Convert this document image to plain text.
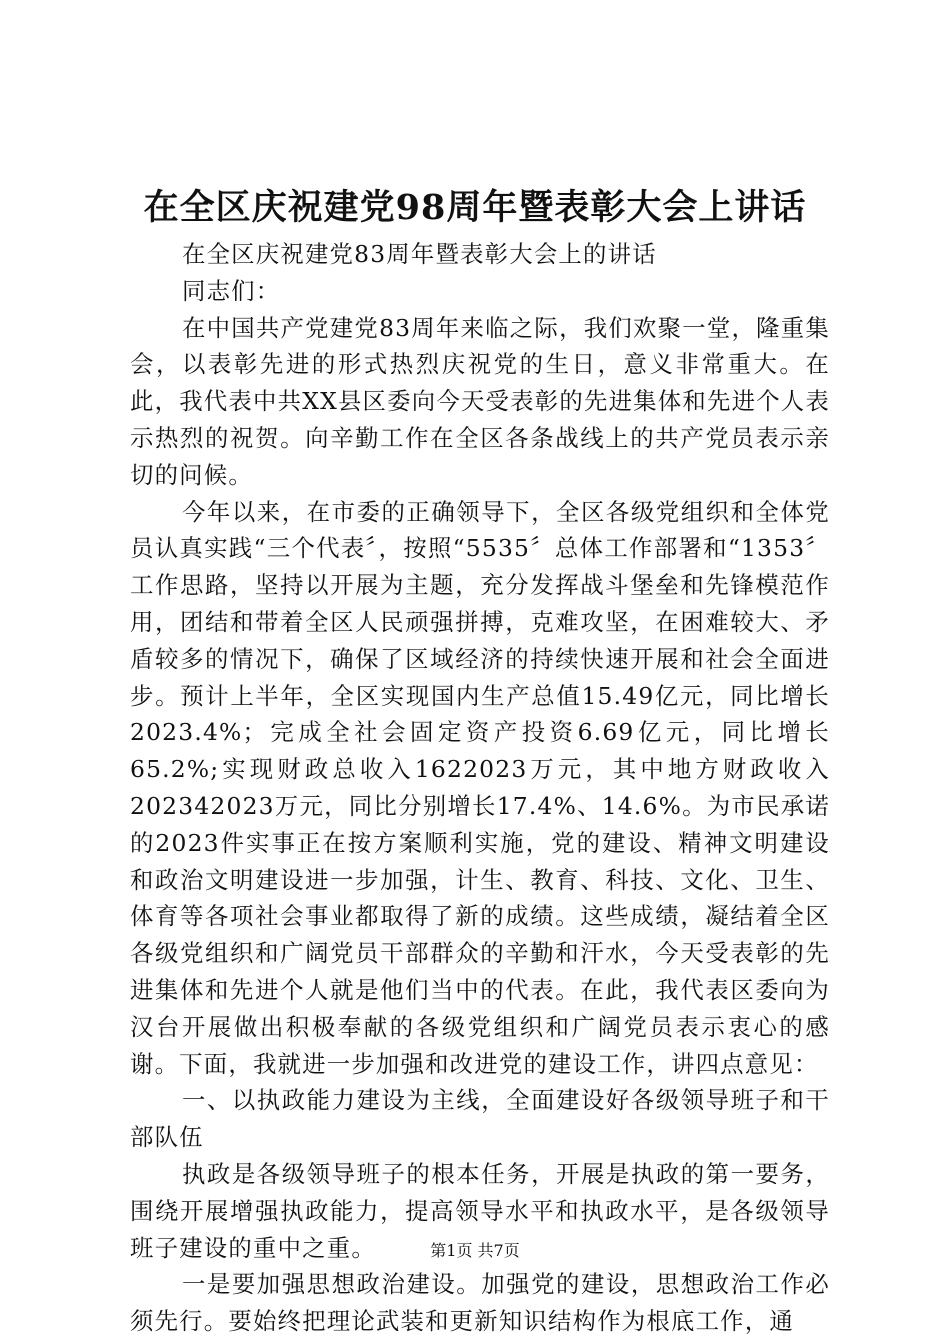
在全区庆祝建党98周年暨表彰大会上讲话

在全区庆祝建党83周年暨表彰大会上的讲话

同志们：

在中国共产党建党83周年来临之际，我们欢聚一堂，隆重集会，以表彰先进的形式热烈庆祝党的生日，意义非常重大。在此，我代表中共XX县区委向今天受表彰的先进集体和先进个人表示热烈的祝贺。向辛勤工作在全区各条战线上的共产党员表示亲切的问候。

今年以来，在市委的正确领导下，全区各级党组织和全体党员认真实践“三个代表〞，按照“5535〞总体工作部署和“1353〞工作思路，坚持以开展为主题，充分发挥战斗堡垒和先锋模范作用，团结和带着全区人民顽强拼搏，克难攻坚，在困难较大、矛盾较多的情况下，确保了区域经济的持续快速开展和社会全面进步。预计上半年，全区实现国内生产总值15.49亿元，同比增长2023.4%；完成全社会固定资产投资6.69亿元，同比增长65.2%;实现财政总收入1622023万元，其中地方财政收入202342023万元，同比分别增长17.4%、14.6%。为市民承诺的2023件实事正在按方案顺利实施，党的建设、精神文明建设和政治文明建设进一步加强，计生、教育、科技、文化、卫生、体育等各项社会事业都取得了新的成绩。这些成绩，凝结着全区各级党组织和广阔党员干部群众的辛勤和汗水，今天受表彰的先进集体和先进个人就是他们当中的代表。在此，我代表区委向为汉台开展做出积极奉献的各级党组织和广阔党员表示衷心的感谢。下面，我就进一步加强和改进党的建设工作，讲四点意见：

一、以执政能力建设为主线，全面建设好各级领导班子和干部队伍

执政是各级领导班子的根本任务，开展是执政的第一要务，围绕开展增强执政能力，提高领导水平和执政水平，是各级领导班子建设的重中之重。

一是要加强思想政治建设。加强党的建设，思想政治工作必须先行。要始终把理论武装和更新知识结构作为根底工作，通

第1页 共7页
